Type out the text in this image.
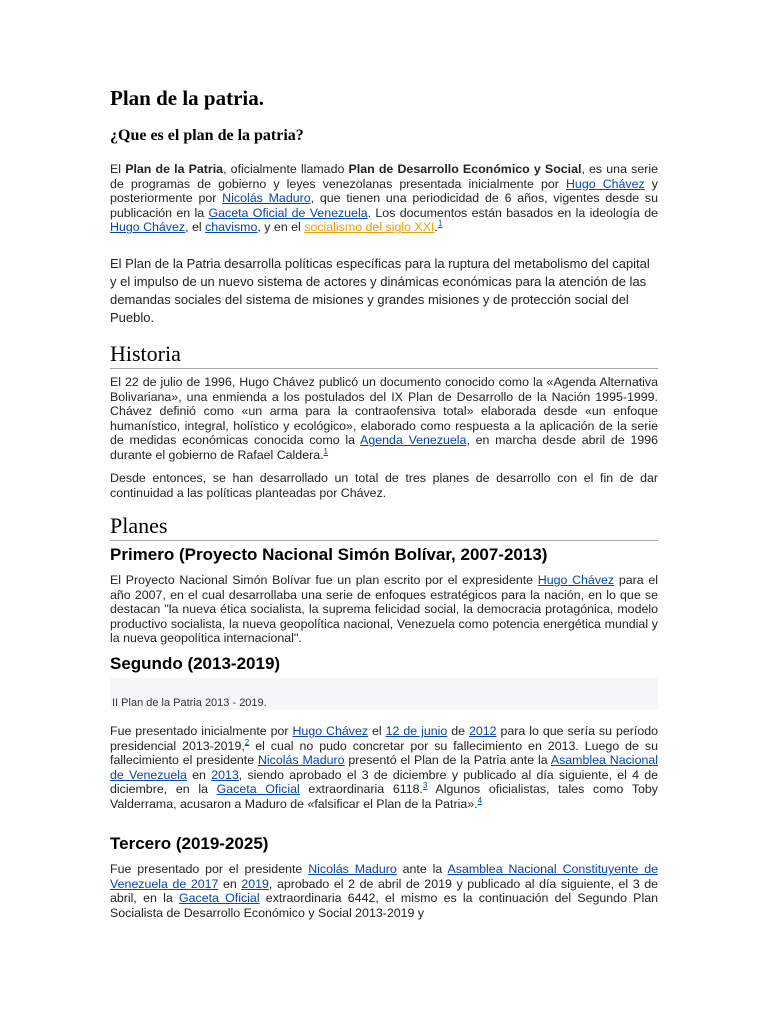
Plan de la patria.
¿Que es el plan de la patria?

El Plan de la Patria, oficialmente llamado Plan de Desarrollo Económico y Social, es una serie de programas de gobierno y leyes venezolanas presentada inicialmente por Hugo Chávez y posteriormente por Nicolás Maduro, que tienen una periodicidad de 6 años, vigentes desde su publicación en la Gaceta Oficial de Venezuela. Los documentos están basados en la ideología de Hugo Chávez, el chavismo, y en el socialismo del siglo XXI.$^1$

El Plan de la Patria desarrolla políticas específicas para la ruptura del metabolismo del capital y el impulso de un nuevo sistema de actores y dinámicas económicas para la atención de las demandas sociales del sistema de misiones y grandes misiones y de protección social del Pueblo.

Historia

El 22 de julio de 1996, Hugo Chávez publicó un documento conocido como la «Agenda Alternativa Bolivariana», una enmienda a los postulados del IX Plan de Desarrollo de la Nación 1995-1999. Chávez definió como «un arma para la contraofensiva total» elaborada desde «un enfoque humanístico, integral, holístico y ecológico», elaborado como respuesta a la aplicación de la serie de medidas económicas conocida como la Agenda Venezuela, en marcha desde abril de 1996 durante el gobierno de Rafael Caldera.$^1$

Desde entonces, se han desarrollado un total de tres planes de desarrollo con el fin de dar continuidad a las políticas planteadas por Chávez.

Planes
Primero (Proyecto Nacional Simón Bolívar, 2007-2013)

El Proyecto Nacional Simón Bolívar fue un plan escrito por el expresidente Hugo Chávez para el año 2007, en el cual desarrollaba una serie de enfoques estratégicos para la nación, en lo que se destacan "la nueva ética socialista, la suprema felicidad social, la democracia protagónica, modelo productivo socialista, la nueva geopolítica nacional, Venezuela como potencia energética mundial y la nueva geopolítica internacional".

Segundo (2013-2019)
II Plan de la Patria 2013 - 2019.

Fue presentado inicialmente por Hugo Chávez el 12 de junio de 2012 para lo que sería su período presidencial 2013-2019,$^2$ el cual no pudo concretar por su fallecimiento en 2013. Luego de su fallecimiento el presidente Nicolás Maduro presentó el Plan de la Patria ante la Asamblea Nacional de Venezuela en 2013, siendo aprobado el 3 de diciembre y publicado al día siguiente, el 4 de diciembre, en la Gaceta Oficial extraordinaria 6118.$^3$ Algunos oficialistas, tales como Toby Valderrama, acusaron a Maduro de «falsificar el Plan de la Patria».$^4$

Tercero (2019-2025)

Fue presentado por el presidente Nicolás Maduro ante la Asamblea Nacional Constituyente de Venezuela de 2017 en 2019, aprobado el 2 de abril de 2019 y publicado al día siguiente, el 3 de abril, en la Gaceta Oficial extraordinaria 6442, el mismo es la continuación del Segundo Plan Socialista de Desarrollo Económico y Social 2013-2019 y
